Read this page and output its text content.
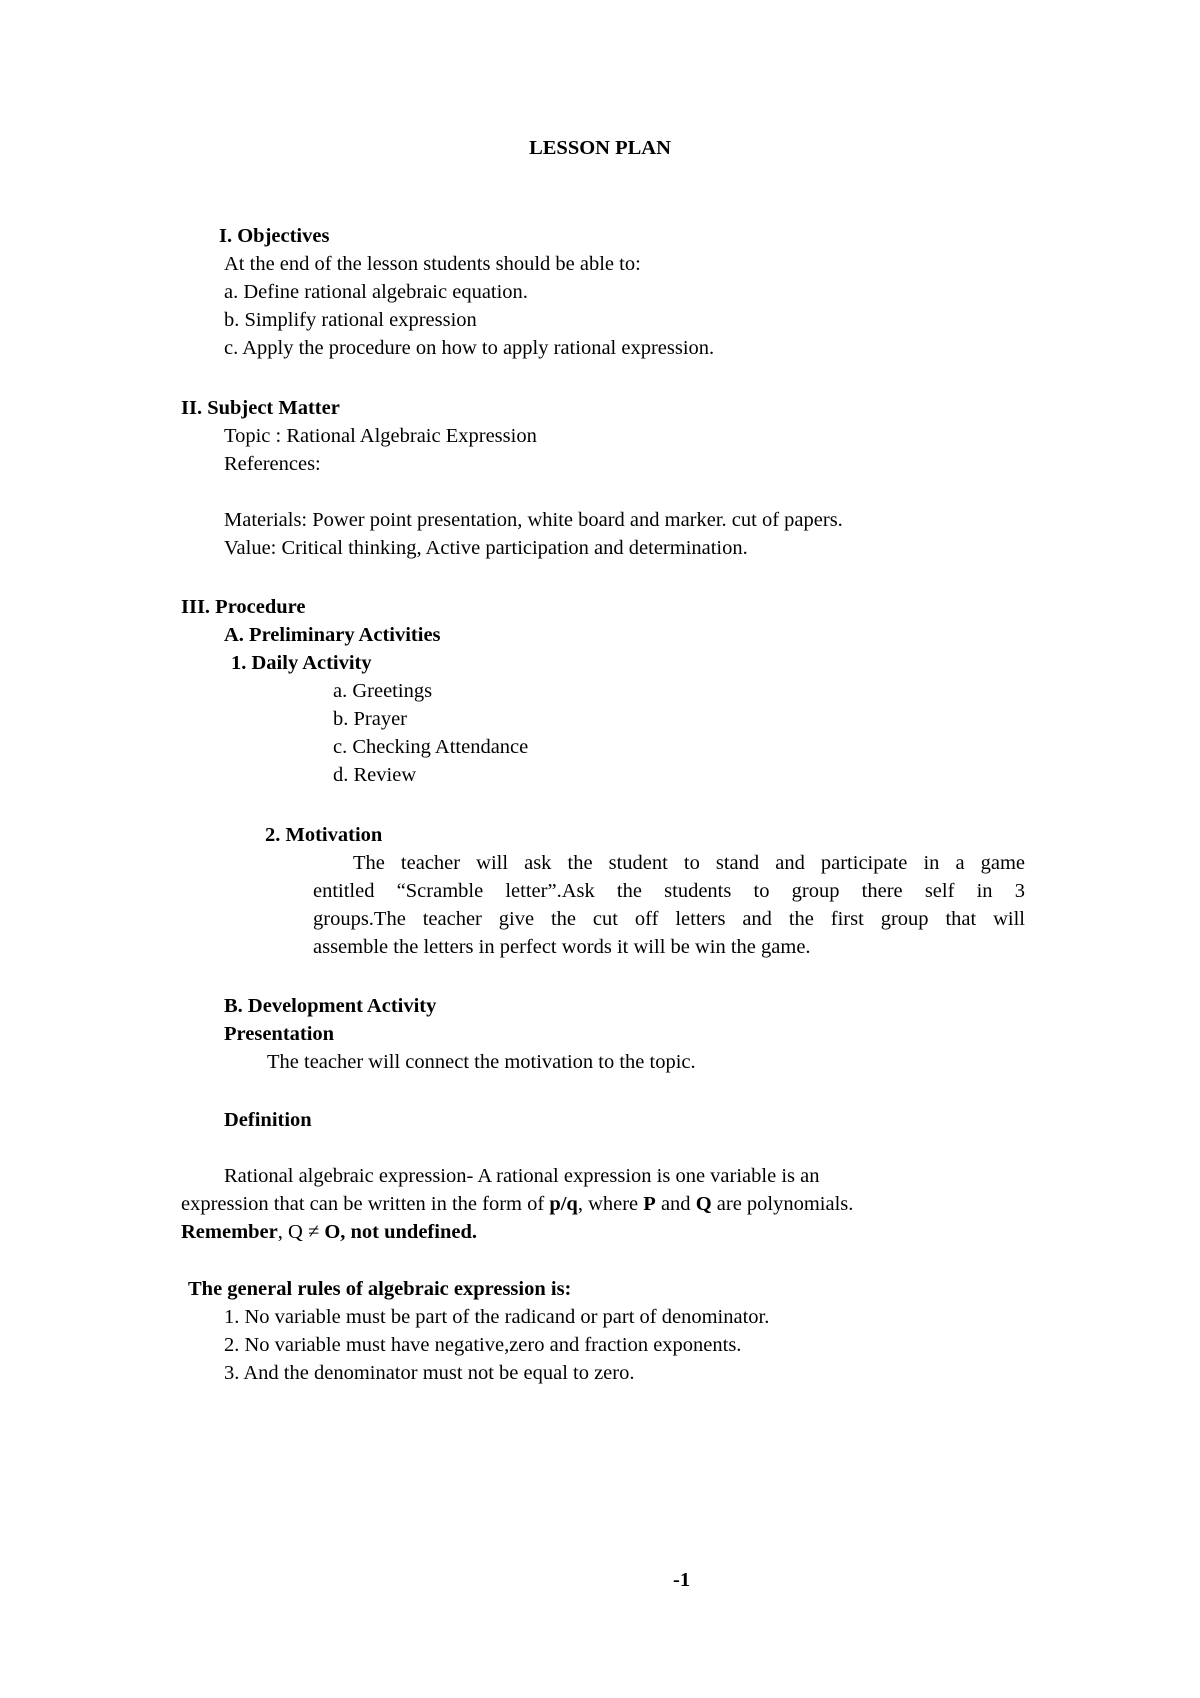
LESSON PLAN
I. Objectives
At the end of the lesson students should be able to:
a. Define rational algebraic equation.
b. Simplify rational expression
c. Apply the procedure on how to apply rational expression.
II. Subject Matter
Topic : Rational Algebraic Expression
References:
Materials: Power point presentation, white board and marker. cut of papers.
Value: Critical thinking, Active participation and determination.
III. Procedure
A. Preliminary Activities
1. Daily Activity
a. Greetings
b. Prayer
c. Checking Attendance
d. Review
2. Motivation
The teacher will ask the student to stand and participate in a game
entitled “Scramble letter”.Ask the students to group there self in 3
groups.The teacher give the cut off letters and the first group that will
assemble the letters in perfect words it will be win the game.
B. Development Activity
Presentation
The teacher will connect the motivation to the topic.
Definition
Rational algebraic expression- A rational expression is one variable is an
expression that can be written in the form of p/q, where P and Q are polynomials.
Remember, Q ≠ O, not undefined.
The general rules of algebraic expression is:
1. No variable must be part of the radicand or part of denominator.
2. No variable must have negative,zero and fraction exponents.
3. And the denominator must not be equal to zero.
-1
